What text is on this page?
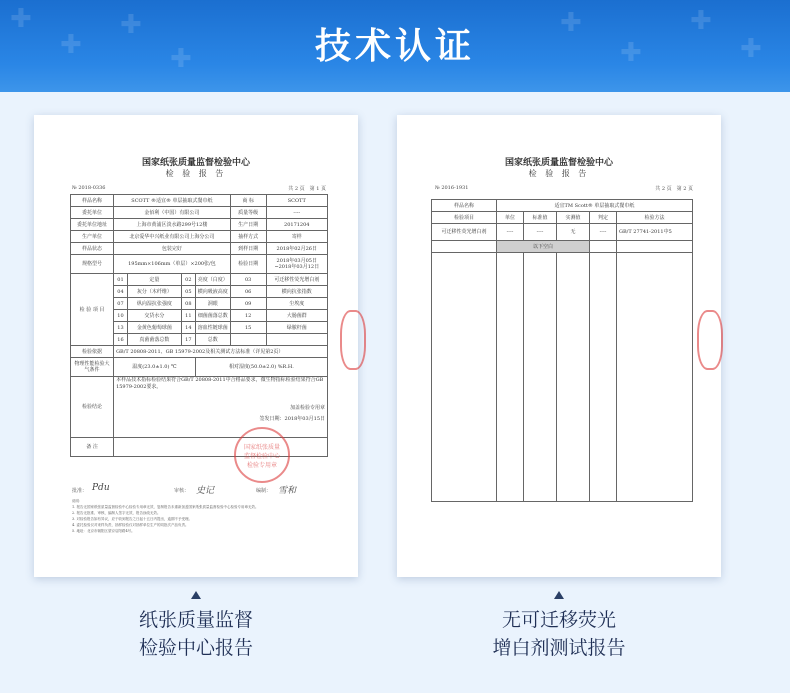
✚
✚
✚
✚
✚
✚
✚
✚
技术认证
国家纸张质量监督检验中心
检 验 报 告
№ 2018-0336	共 2 页　第 1 页
样品名称	SCOTT ®适宜® 单层抽取式餐巾纸				商 标	SCOTT
委托单位	金佰利（中国）有限公司				质量等级	----
委托单位地址	上海市黄浦区淡水路299号12楼				生产日期	20171204
生产单位	北京爱华中兴纸业有限公司上海分公司				抽样方式	寄样
样品状态	包装完好				到样日期	2018年02月26日
规格型号	195mm×106mm（单层）×200张/包				检验日期	2018年03月05日~2018年03月12日
检 验 项 目	01	定量	02	亮度（白度）	03	可迁移性荧光增白剂
	04	灰分（木纤维）	05	横向吸液高度	06	横向抗张指数
	07	纵向湿抗张强度	08	洞眼	09	尘埃度
	10	交货水分	11	细菌菌落总数	12	大肠菌群
	13	金黄色葡萄球菌	14	溶血性链球菌	15	绿脓杆菌
	16	真菌菌落总数	17	总数		
检验依据	GB/T 20808-2011、GB 15979-2002及相关测试方法标准（详见第2页）					
物理性能检验大气条件	温度(23.0±1.0) ℃			相对湿度(50.0±2.0) %R.H.		
检验结论	本样品技术指标检验结果符合GB/T 20808-2011中合格品要求，微生物指标检验结果符合GB 15979-2002要求。
加盖检验专用章
签发日期：2018年03月15日					

备 注							国家纸张质量监督检验中心 检验专用章
批准： Pdu	审核： 史记	编制： 雪和

说明：

1. 报告无国家纸张质量监督检验中心检验专用章无效，复制报告未重新加盖国家纸张质量监督检验中心检验专用章无效。

2. 报告无批准、审核、编制人签字无效，报告涂改无效。

3. 对检验报告如有异议，应于收到报告之日起十五日内提出，逾期不予受理。

4. 委托检验仅对来样负责，抽样检验仅对抽样单位生产的同批次产品负责。

5. 地址：北京市朝阳区望京启阳路4号。

国家纸张质量监督检验中心
检 验 报 告
№ 2016-1931	共 2 页　第 2 页
样品名称	适宜TM Scott® 单层抽取式餐巾纸				
检验项目	单位	标准值	实测值	判定	检验方法
可迁移性荧光增白剂	----	----	无	----	GB/T 27741-2011中5
	以下空白				

纸张质量监督
检验中心报告
无可迁移荧光
增白剂测试报告
